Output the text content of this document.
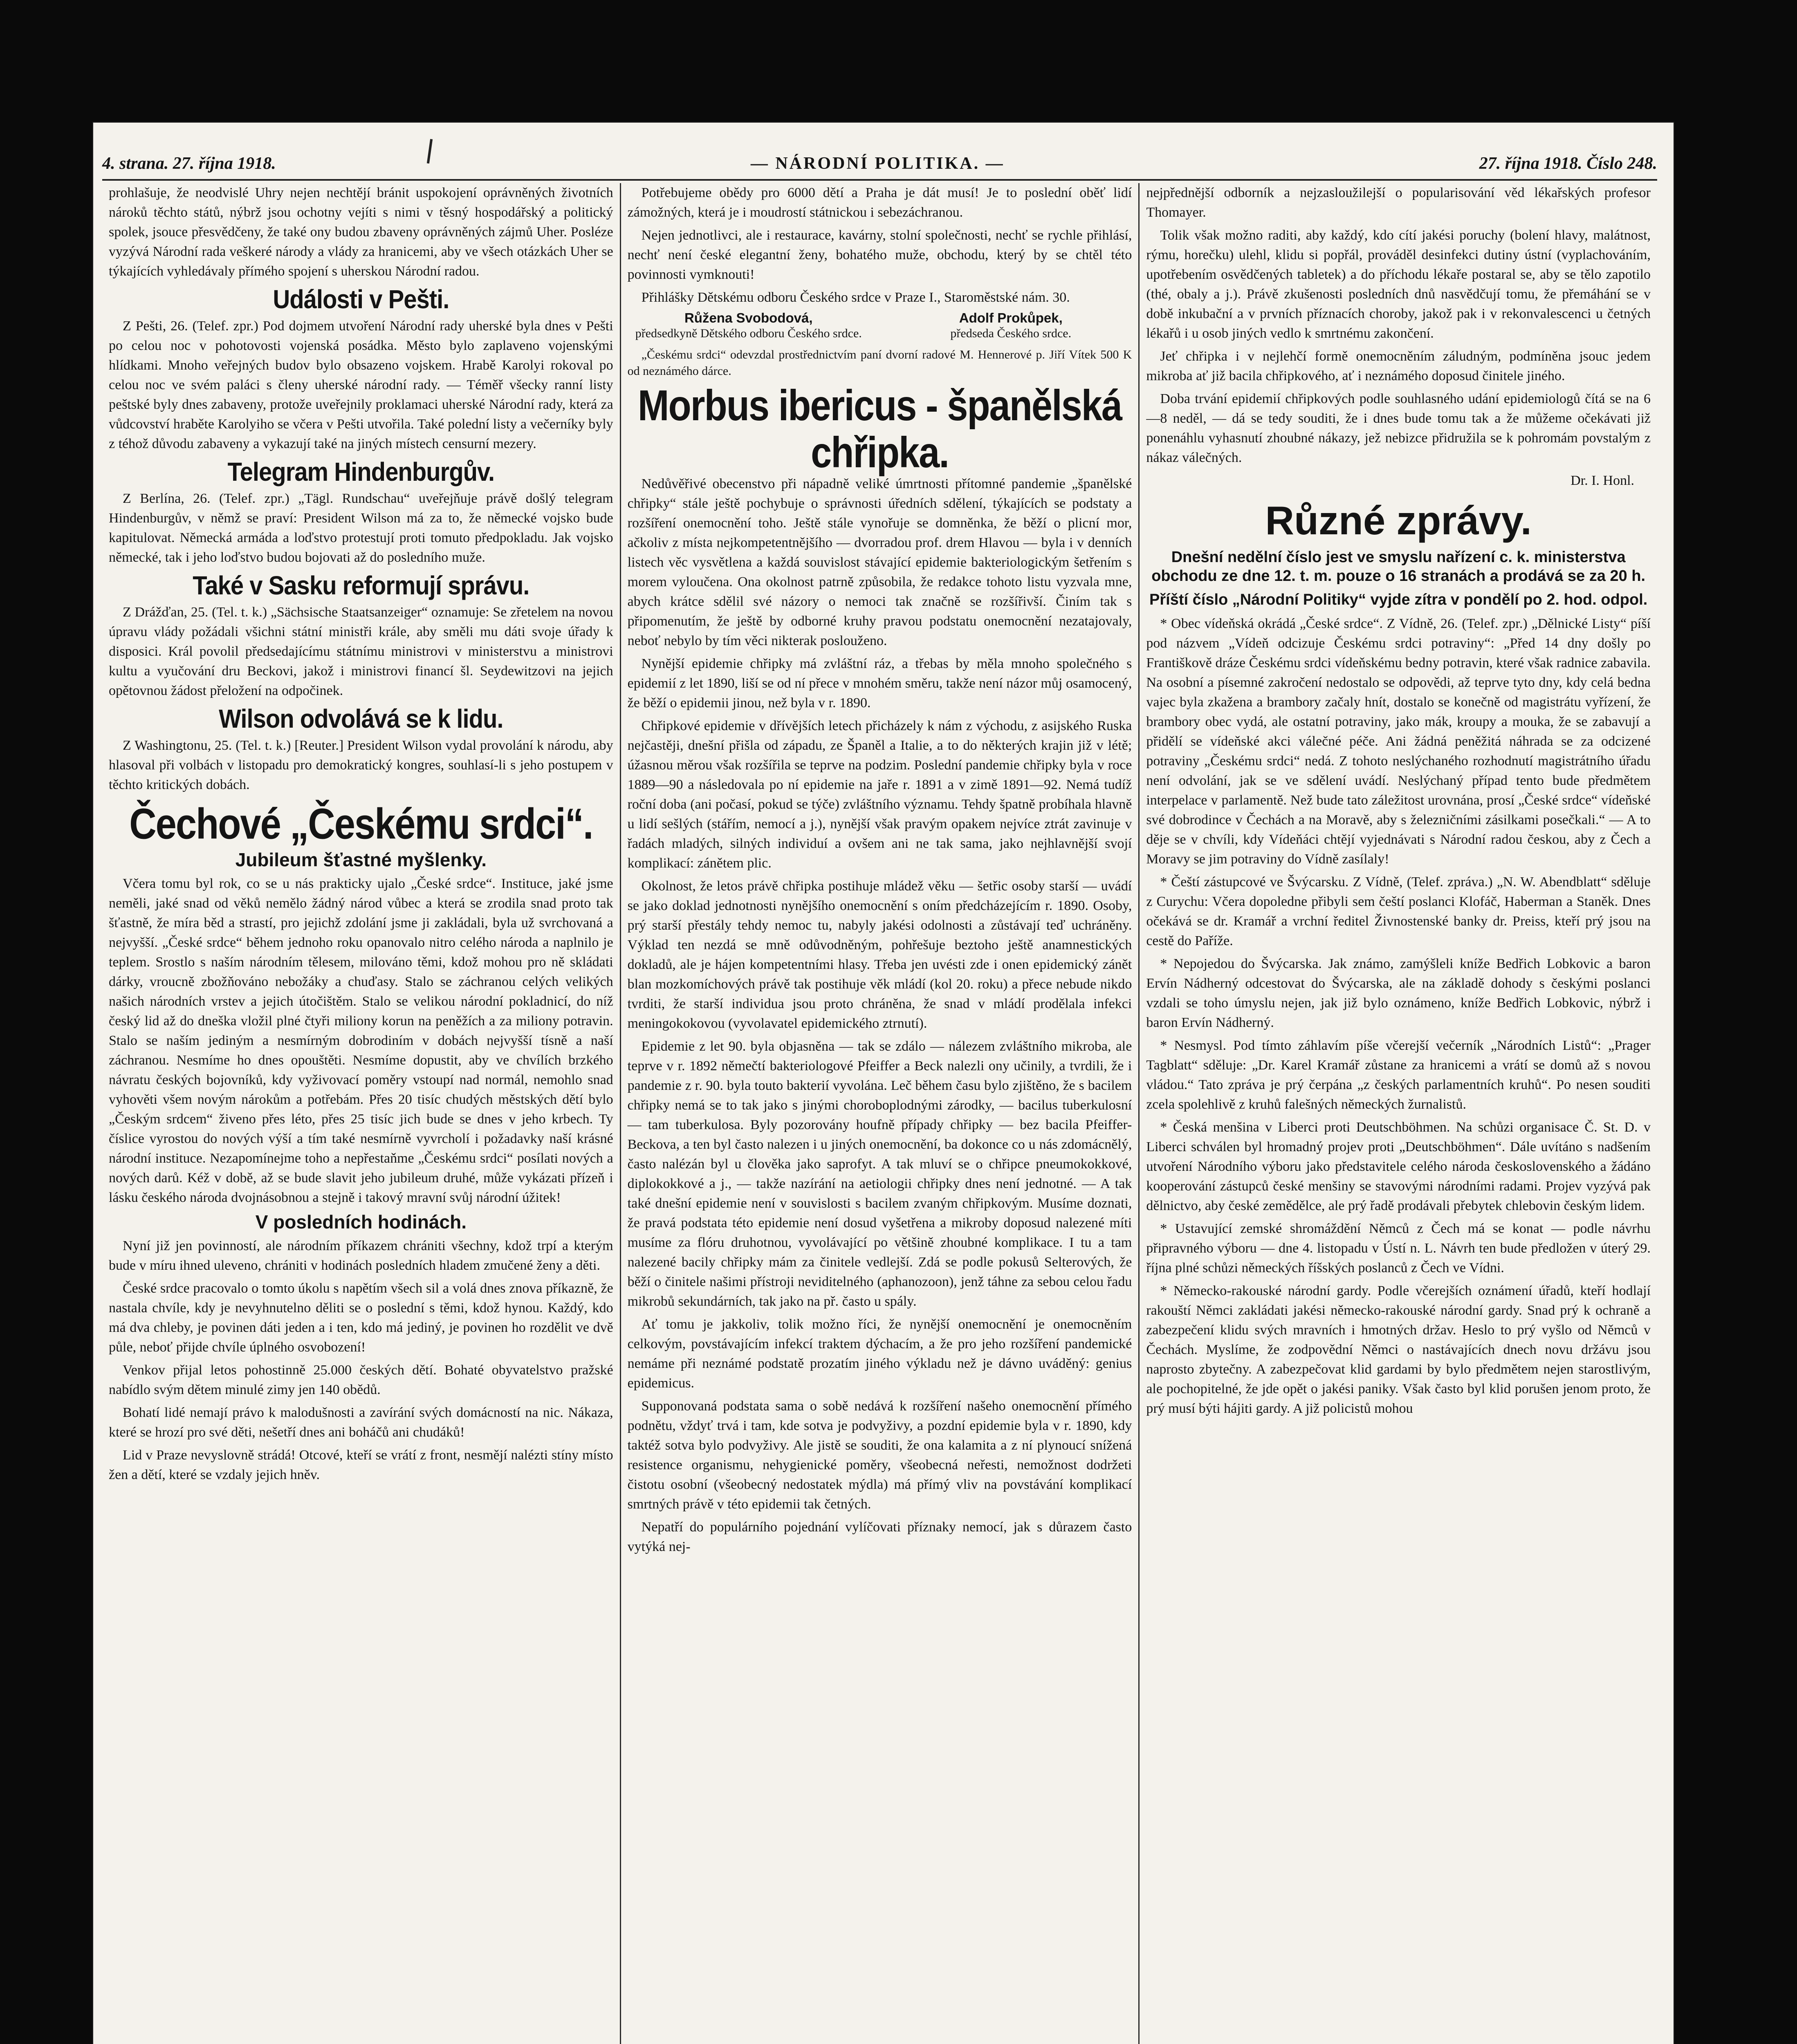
4. strana. 27. října 1918.	— NÁRODNÍ POLITIKA. —	27. října 1918. Číslo 248.

prohlašuje, že neodvislé Uhry nejen nechtějí bránit uspokojení oprávněných životních nároků těchto států, nýbrž jsou ochotny vejíti s nimi v těsný hospodářský a politický spolek, jsouce přesvědčeny, že také ony budou zbaveny oprávněných zájmů Uher. Posléze vyzývá Národní rada veškeré národy a vlády za hranicemi, aby ve všech otázkách Uher se týkajících vyhledávaly přímého spojení s uherskou Národní radou.

Události v Pešti.

Z Pešti, 26. (Telef. zpr.) Pod dojmem utvoření Národní rady uherské byla dnes v Pešti po celou noc v pohotovosti vojenská posádka. Město bylo zaplaveno vojenskými hlídkami. Mnoho veřejných budov bylo obsazeno vojskem. Hrabě Karolyi rokoval po celou noc ve svém paláci s členy uherské národní rady. — Téměř všecky ranní listy peštské byly dnes zabaveny, protože uveřejnily proklamaci uherské Národní rady, která za vůdcovství hraběte Karolyiho se včera v Pešti utvořila. Také polední listy a večerníky byly z téhož důvodu zabaveny a vykazují také na jiných místech censurní mezery.

Telegram Hindenburgův.

Z Berlína, 26. (Telef. zpr.) „Tägl. Rundschau“ uveřejňuje právě došlý telegram Hindenburgův, v němž se praví: President Wilson má za to, že německé vojsko bude kapitulovat. Německá armáda a loďstvo protestují proti tomuto předpokladu. Jak vojsko německé, tak i jeho loďstvo budou bojovati až do posledního muže.

Také v Sasku reformují správu.

Z Drážďan, 25. (Tel. t. k.) „Sächsische Staatsanzeiger“ oznamuje: Se zřetelem na novou úpravu vlády požádali všichni státní ministři krále, aby směli mu dáti svoje úřady k disposici. Král povolil předsedajícímu státnímu ministrovi v ministerstvu a ministrovi kultu a vyučování dru Beckovi, jakož i ministrovi financí šl. Seydewitzovi na jejich opětovnou žádost přeložení na odpočinek.

Wilson odvolává se k lidu.

Z Washingtonu, 25. (Tel. t. k.) [Reuter.] President Wilson vydal provolání k národu, aby hlasoval při volbách v listopadu pro demokratický kongres, souhlasí-li s jeho postupem v těchto kritických dobách.

Čechové „Českému srdci“.
Jubileum šťastné myšlenky.

Včera tomu byl rok, co se u nás prakticky ujalo „České srdce“. Instituce, jaké jsme neměli, jaké snad od věků nemělo žádný národ vůbec a která se zrodila snad proto tak šťastně, že míra běd a strastí, pro jejichž zdolání jsme ji zakládali, byla už svrchovaná a nejvyšší. „České srdce“ během jednoho roku opanovalo nitro celého národa a naplnilo je teplem. Srostlo s naším národním tělesem, milováno těmi, kdož mohou pro ně skládati dárky, vroucně zbožňováno nebožáky a chuďasy. Stalo se záchranou celých velikých našich národních vrstev a jejich útočištěm. Stalo se velikou národní pokladnicí, do níž český lid až do dneška vložil plné čtyři miliony korun na peněžích a za miliony potravin. Stalo se naším jediným a nesmírným dobrodiním v dobách nejvyšší tísně a naší záchranou. Nesmíme ho dnes opouštěti. Nesmíme dopustit, aby ve chvílích brzkého návratu českých bojovníků, kdy vyživovací poměry vstoupí nad normál, nemohlo snad vyhověti všem novým nárokům a potřebám. Přes 20 tisíc chudých městských dětí bylo „Českým srdcem“ živeno přes léto, přes 25 tisíc jich bude se dnes v jeho krbech. Ty číslice vyrostou do nových výší a tím také nesmírně vyvrcholí i požadavky naší krásné národní instituce. Nezapomínejme toho a nepřestaňme „Českému srdci“ posílati nových a nových darů. Kéž v době, až se bude slavit jeho jubileum druhé, může vykázati přízeň i lásku českého národa dvojnásobnou a stejně i takový mravní svůj národní úžitek!

V posledních hodinách.

Nyní již jen povinností, ale národním příkazem chrániti všechny, kdož trpí a kterým bude v míru ihned uleveno, chrániti v hodinách posledních hladem zmučené ženy a děti.

České srdce pracovalo o tomto úkolu s napětím všech sil a volá dnes znova příkazně, že nastala chvíle, kdy je nevyhnutelno děliti se o poslední s těmi, kdož hynou. Každý, kdo má dva chleby, je povinen dáti jeden a i ten, kdo má jediný, je povinen ho rozdělit ve dvě půle, neboť přijde chvíle úplného osvobození!

Venkov přijal letos pohostinně 25.000 českých dětí. Bohaté obyvatelstvo pražské nabídlo svým dětem minulé zimy jen 140 obědů.

Bohatí lidé nemají právo k malodušnosti a zavírání svých domácností na nic. Nákaza, které se hrozí pro své děti, nešetří dnes ani boháčů ani chudáků!

Lid v Praze nevyslovně strádá! Otcové, kteří se vrátí z front, nesmějí nalézti stíny místo žen a dětí, které se vzdaly jejich hněv.

Potřebujeme obědy pro 6000 dětí a Praha je dát musí! Je to poslední oběť lidí zámožných, která je i moudrostí státnickou i sebezáchranou.

Nejen jednotlivci, ale i restaurace, kavárny, stolní společnosti, nechť se rychle přihlásí, nechť není české elegantní ženy, bohatého muže, obchodu, který by se chtěl této povinnosti vymknouti!

Přihlášky Dětskému odboru Českého srdce v Praze I., Staroměstské nám. 30.

Růžena Svobodová,
předsedkyně Dětského odboru Českého srdce.
Adolf Prokůpek,
předseda Českého srdce.

„Českému srdci“ odevzdal prostřednictvím paní dvorní radové M. Hennerové p. Jiří Vítek 500 K od neznámého dárce.

Morbus ibericus - španělská chřipka.

Nedůvěřivé obecenstvo při nápadně veliké úmrtnosti přítomné pandemie „španělské chřipky“ stále ještě pochybuje o správnosti úředních sdělení, týkajících se podstaty a rozšíření onemocnění toho. Ještě stále vynořuje se domněnka, že běží o plicní mor, ačkoliv z místa nejkompetentnějšího — dvorradou prof. drem Hlavou — byla i v denních listech věc vysvětlena a každá souvislost stávající epidemie bakteriologickým šetřením s morem vyloučena. Ona okolnost patrně způsobila, že redakce tohoto listu vyzvala mne, abych krátce sdělil své názory o nemoci tak značně se rozšířivší. Činím tak s připomenutím, že ještě by odborné kruhy pravou podstatu onemocnění nezatajovaly, neboť nebylo by tím věci nikterak poslouženo.

Nynější epidemie chřipky má zvláštní ráz, a třebas by měla mnoho společného s epidemií z let 1890, liší se od ní přece v mnohém směru, takže není názor můj osamocený, že běží o epidemii jinou, než byla v r. 1890.

Chřipkové epidemie v dřívějších letech přicházely k nám z východu, z asijského Ruska nejčastěji, dnešní přišla od západu, ze Španěl a Italie, a to do některých krajin již v létě; úžasnou měrou však rozšířila se teprve na podzim. Poslední pandemie chřipky byla v roce 1889—90 a následovala po ní epidemie na jaře r. 1891 a v zimě 1891—92. Nemá tudíž roční doba (ani počasí, pokud se týče) zvláštního významu. Tehdy špatně probíhala hlavně u lidí sešlých (stářím, nemocí a j.), nynější však pravým opakem nejvíce ztrát zavinuje v řadách mladých, silných individuí a ovšem ani ne tak sama, jako nejhlavnější svojí komplikací: zánětem plic.

Okolnost, že letos právě chřipka postihuje mládež věku — šetřic osoby starší — uvádí se jako doklad jednotnosti nynějšího onemocnění s oním předcházejícím r. 1890. Osoby, prý starší přestály tehdy nemoc tu, nabyly jakési odolnosti a zůstávají teď uchráněny. Výklad ten nezdá se mně odůvodněným, pohřešuje beztoho ještě anamnestických dokladů, ale je hájen kompetentními hlasy. Třeba jen uvésti zde i onen epidemický zánět blan mozkomíchových právě tak postihuje věk mládí (kol 20. roku) a přece nebude nikdo tvrditi, že starší individua jsou proto chráněna, že snad v mládí prodělala infekci meningokokovou (vyvolavatel epidemického ztrnutí).

Epidemie z let 90. byla objasněna — tak se zdálo — nálezem zvláštního mikroba, ale teprve v r. 1892 němečtí bakteriologové Pfeiffer a Beck nalezli ony učinily, a tvrdili, že i pandemie z r. 90. byla touto bakterií vyvolána. Leč během času bylo zjištěno, že s bacilem chřipky nemá se to tak jako s jinými choroboplodnými zárodky, — bacilus tuberkulosní — tam tuberkulosa. Byly pozorovány houfně případy chřipky — bez bacila Pfeiffer-Beckova, a ten byl často nalezen i u jiných onemocnění, ba dokonce co u nás zdomácnělý, často nalézán byl u člověka jako saprofyt. A tak mluví se o chřipce pneumokokkové, diplokokkové a j., — takže nazírání na aetiologii chřipky dnes není jednotné. — A tak také dnešní epidemie není v souvislosti s bacilem zvaným chřipkovým. Musíme doznati, že pravá podstata této epidemie není dosud vyšetřena a mikroby doposud nalezené míti musíme za flóru druhotnou, vyvolávající po většině zhoubné komplikace. I tu a tam nalezené bacily chřipky mám za činitele vedlejší. Zdá se podle pokusů Selterových, že běží o činitele našimi přístroji neviditelného (aphanozoon), jenž táhne za sebou celou řadu mikrobů sekundárních, tak jako na př. často u spály.

Ať tomu je jakkoliv, tolik možno říci, že nynější onemocnění je onemocněním celkovým, povstávajícím infekcí traktem dýchacím, a že pro jeho rozšíření pandemické nemáme při neznámé podstatě prozatím jiného výkladu než je dávno uváděný: genius epidemicus.

Supponovaná podstata sama o sobě nedává k rozšíření našeho onemocnění přímého podnětu, vždyť trvá i tam, kde sotva je podvyživy, a pozdní epidemie byla v r. 1890, kdy taktéž sotva bylo podvyživy. Ale jistě se souditi, že ona kalamita a z ní plynoucí snížená resistence organismu, nehygienické poměry, všeobecná neřesti, nemožnost dodržeti čistotu osobní (všeobecný nedostatek mýdla) má přímý vliv na povstávání komplikací smrtných právě v této epidemii tak četných.

Nepatří do populárního pojednání vylíčovati příznaky nemocí, jak s důrazem často vytýká nej-

nejpřednější odborník a nejzasloužilejší o popularisování věd lékařských profesor Thomayer.

Tolik však možno raditi, aby každý, kdo cítí jakési poruchy (bolení hlavy, malátnost, rýmu, horečku) ulehl, klidu si popřál, prováděl desinfekci dutiny ústní (vyplachováním, upotřebením osvědčených tabletek) a do příchodu lékaře postaral se, aby se tělo zapotilo (thé, obaly a j.). Právě zkušenosti posledních dnů nasvědčují tomu, že přemáhání se v době inkubační a v prvních příznacích choroby, jakož pak i v rekonvalescenci u četných lékařů i u osob jiných vedlo k smrtnému zakončení.

Jeť chřipka i v nejlehčí formě onemocněním záludným, podmíněna jsouc jedem mikroba ať již bacila chřipkového, ať i neznámého doposud činitele jiného.

Doba trvání epidemií chřipkových podle souhlasného udání epidemiologů čítá se na 6—8 neděl, — dá se tedy souditi, že i dnes bude tomu tak a že můžeme očekávati již ponenáhlu vyhasnutí zhoubné nákazy, jež nebizce přidružila se k pohromám povstalým z nákaz válečných.

Dr. I. Honl.
Různé zprávy.
Dnešní nedělní číslo jest ve smyslu nařízení c. k. ministerstva obchodu ze dne 12. t. m. pouze o 16 stranách a prodává se za 20 h.
Příští číslo „Národní Politiky“ vyjde zítra v pondělí po 2. hod. odpol.

* Obec vídeňská okrádá „České srdce“. Z Vídně, 26. (Telef. zpr.) „Dělnické Listy“ píší pod názvem „Vídeň odcizuje Českému srdci potraviny“: „Před 14 dny došly po Františkově dráze Českému srdci vídeňskému bedny potravin, které však radnice zabavila. Na osobní a písemné zakročení nedostalo se odpovědi, až teprve tyto dny, kdy celá bedna vajec byla zkažena a brambory začaly hnít, dostalo se konečně od magistrátu vyřízení, že brambory obec vydá, ale ostatní potraviny, jako mák, kroupy a mouka, že se zabavují a přidělí se vídeňské akci válečné péče. Ani žádná peněžitá náhrada se za odcizené potraviny „Českému srdci“ nedá. Z tohoto neslýchaného rozhodnutí magistrátního úřadu není odvolání, jak se ve sdělení uvádí. Neslýchaný případ tento bude předmětem interpelace v parlamentě. Než bude tato záležitost urovnána, prosí „České srdce“ vídeňské své dobrodince v Čechách a na Moravě, aby s železničními zásilkami posečkali.“ — A to děje se v chvíli, kdy Vídeňáci chtějí vyjednávati s Národní radou českou, aby z Čech a Moravy se jim potraviny do Vídně zasílaly!

* Čeští zástupcové ve Švýcarsku. Z Vídně, (Telef. zpráva.) „N. W. Abendblatt“ sděluje z Curychu: Včera dopoledne přibyli sem čeští poslanci Klofáč, Haberman a Staněk. Dnes očekává se dr. Kramář a vrchní ředitel Živnostenské banky dr. Preiss, kteří prý jsou na cestě do Paříže.

* Nepojedou do Švýcarska. Jak známo, zamýšleli kníže Bedřich Lobkovic a baron Ervín Nádherný odcestovat do Švýcarska, ale na základě dohody s českými poslanci vzdali se toho úmyslu nejen, jak již bylo oznámeno, kníže Bedřich Lobkovic, nýbrž i baron Ervín Nádherný.

* Nesmysl. Pod tímto záhlavím píše včerejší večerník „Národních Listů“: „Prager Tagblatt“ sděluje: „Dr. Karel Kramář zůstane za hranicemi a vrátí se domů až s novou vládou.“ Tato zpráva je prý čerpána „z českých parlamentních kruhů“. Po nesen souditi zcela spolehlivě z kruhů falešných německých žurnalistů.

* Česká menšina v Liberci proti Deutschböhmen. Na schůzi organisace Č. St. D. v Liberci schválen byl hromadný projev proti „Deutschböhmen“. Dále uvítáno s nadšením utvoření Národního výboru jako představitele celého národa československého a žádáno kooperování zástupců české menšiny se stavovými národními radami. Projev vyzývá pak dělnictvo, aby české zemědělce, ale prý řadě prodávali přebytek chlebovin českým lidem.

* Ustavující zemské shromáždění Němců z Čech má se konat — podle návrhu připravného výboru — dne 4. listopadu v Ústí n. L. Návrh ten bude předložen v úterý 29. října plné schůzi německých říšských poslanců z Čech ve Vídni.

* Německo-rakouské národní gardy. Podle včerejších oznámení úřadů, kteří hodlají rakouští Němci zakládati jakési německo-rakouské národní gardy. Snad prý k ochraně a zabezpečení klidu svých mravních i hmotných držav. Heslo to prý vyšlo od Němců v Čechách. Myslíme, že zodpovědní Němci o nastávajících dnech novu držávu jsou naprosto zbytečny. A zabezpečovat klid gardami by bylo předmětem nejen starostlivým, ale pochopitelné, že jde opět o jakési paniky. Však často byl klid porušen jenom proto, že prý musí býti hájiti gardy. A již policistů mohou
